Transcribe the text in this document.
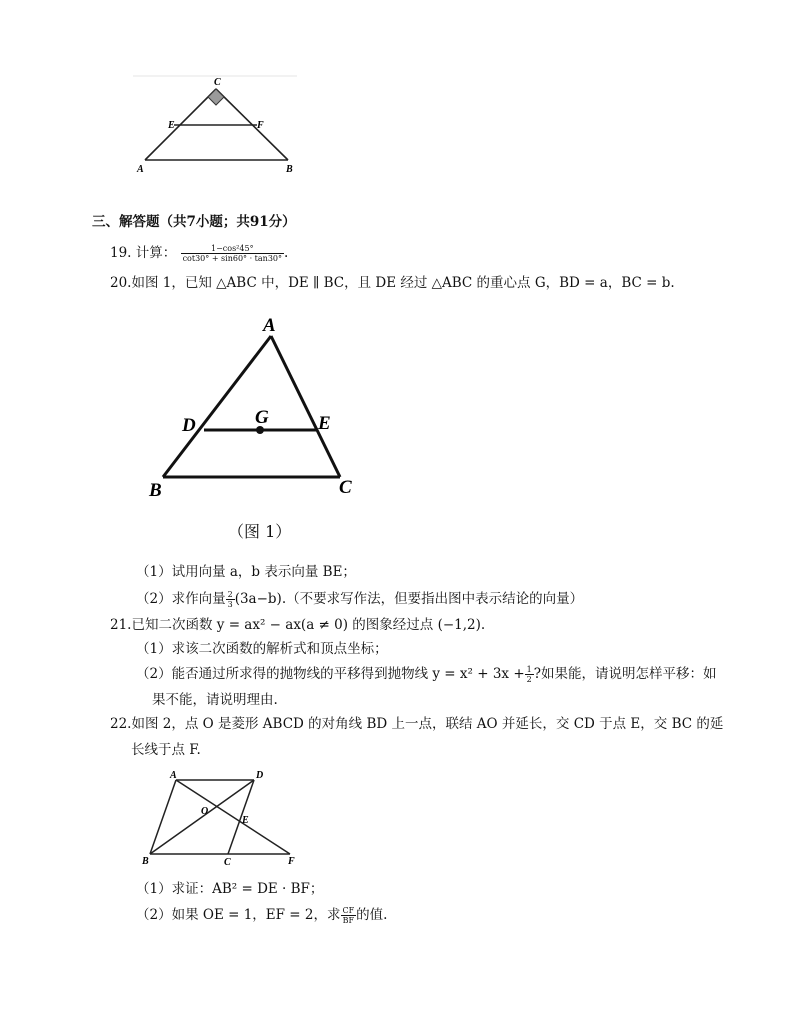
C
E	F
A	B
三、解答题（共7小题；共91分）
19. 计算： $\frac{\text{1−cos²45°}}{\cot 30^\circ + \sin 60^\circ \cdot \tan 30^\circ}$ .
20.如图 1，已知 △ABC 中，DE ∥ BC，且 DE 经过 △ABC 的重心点 G，BD = a，BC = b.
A
D	G	E
B	C
（图 1）
（1）试用向量 a，b 表示向量 BE；
（2）求作向量 $\frac{2}{3} (3a-b)$.（不要求写作法，但要指出图中表示结论的向量）
21.已知二次函数 y = ax² − ax(a ≠ 0) 的图象经过点 (−1,2).
（1）求该二次函数的解析式和顶点坐标；
（2）能否通过所求得的抛物线的平移得到抛物线 $y = x^2 + 3x + \frac{1}{2}$ ?如果能，请说明怎样平移：如
果不能，请说明理由.
22.如图 2，点 O 是菱形 ABCD 的对角线 BD 上一点，联结 AO 并延长，交 CD 于点 E，交 BC 的延
长线于点 F.
A	D
O
E
B	C	F
（1）求证：AB² = DE · BF；
（2）如果 OE = 1，EF = 2，求 $\frac{CF}{BF}$ 的值.
